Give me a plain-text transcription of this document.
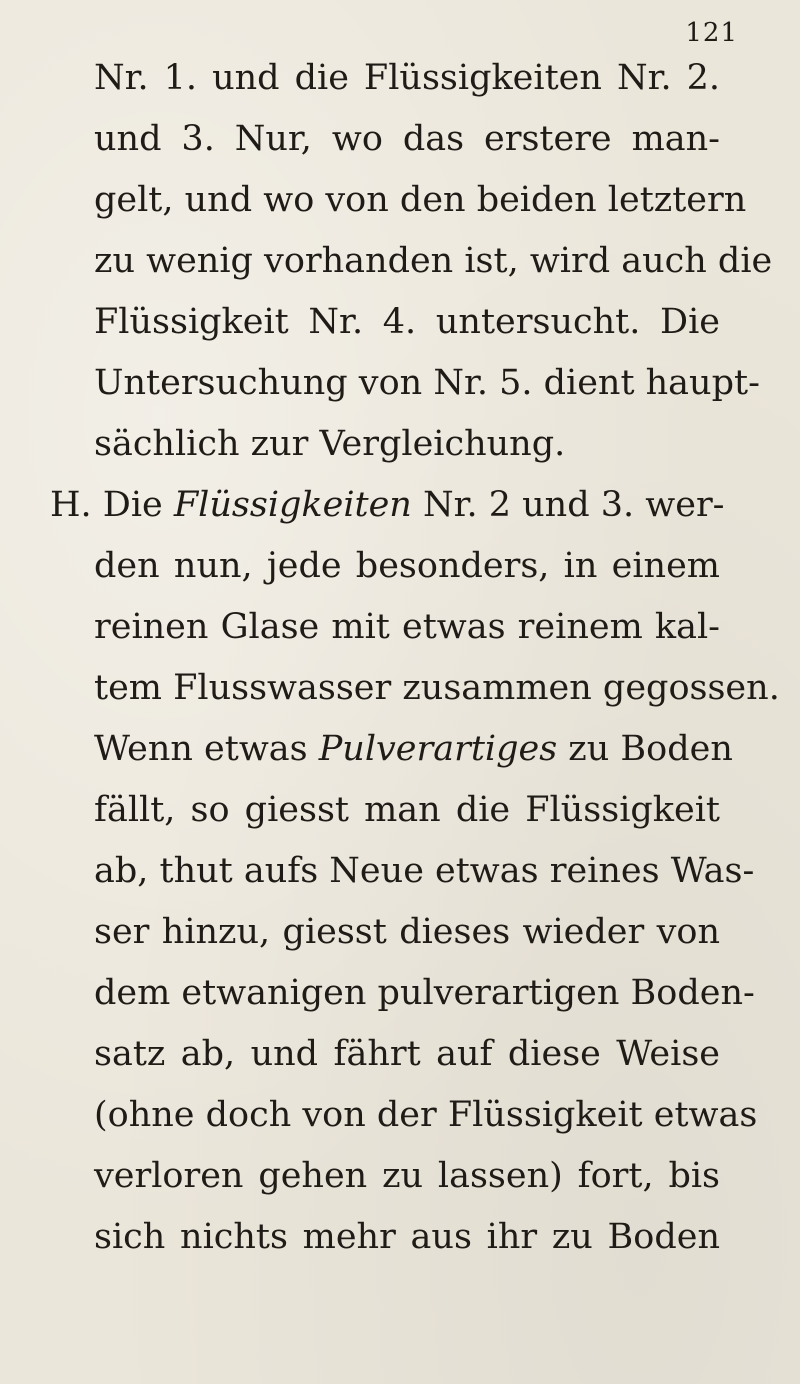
121
Nr. 1. und die Flüssigkeiten Nr. 2.
und 3. Nur, wo das erstere man-
gelt, und wo von den beiden letztern
zu wenig vorhanden ist, wird auch die
Flüssigkeit Nr. 4. untersucht. Die
Untersuchung von Nr. 5. dient haupt-
sächlich zur Vergleichung.
H. Die Flüssigkeiten Nr. 2 und 3. wer-
den nun, jede besonders, in einem
reinen Glase mit etwas reinem kal-
tem Flusswasser zusammen gegossen.
Wenn etwas Pulverartiges zu Boden
fällt, so giesst man die Flüssigkeit
ab, thut aufs Neue etwas reines Was-
ser hinzu, giesst dieses wieder von
dem etwanigen pulverartigen Boden-
satz ab, und fährt auf diese Weise
(ohne doch von der Flüssigkeit etwas
verloren gehen zu lassen) fort, bis
sich nichts mehr aus ihr zu Boden
